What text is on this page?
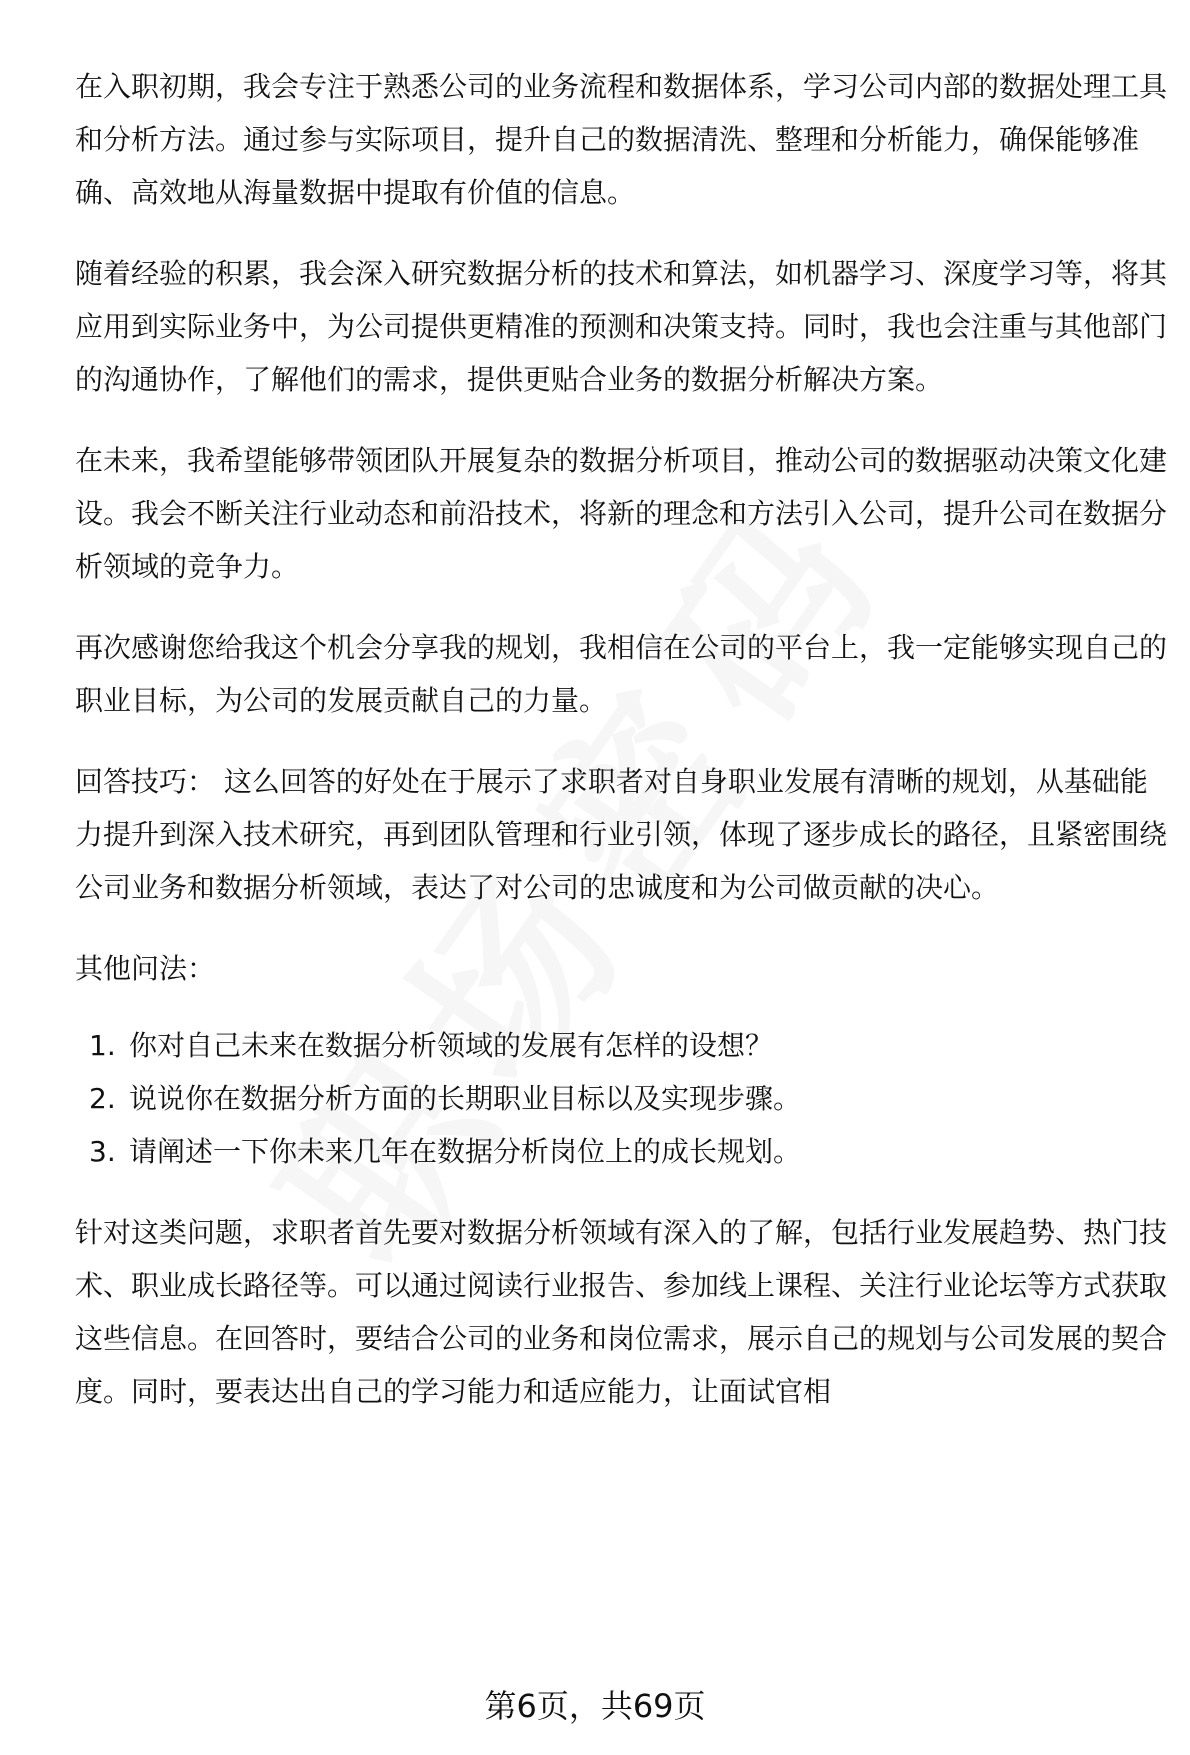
在入职初期，我会专注于熟悉公司的业务流程和数据体系，学习公司内部的数据处理工具和分析方法。通过参与实际项目，提升自己的数据清洗、整理和分析能力，确保能够准确、高效地从海量数据中提取有价值的信息。

随着经验的积累，我会深入研究数据分析的技术和算法，如机器学习、深度学习等，将其应用到实际业务中，为公司提供更精准的预测和决策支持。同时，我也会注重与其他部门的沟通协作，了解他们的需求，提供更贴合业务的数据分析解决方案。

在未来，我希望能够带领团队开展复杂的数据分析项目，推动公司的数据驱动决策文化建设。我会不断关注行业动态和前沿技术，将新的理念和方法引入公司，提升公司在数据分析领域的竞争力。

再次感谢您给我这个机会分享我的规划，我相信在公司的平台上，我一定能够实现自己的职业目标，为公司的发展贡献自己的力量。

回答技巧： 这么回答的好处在于展示了求职者对自身职业发展有清晰的规划，从基础能力提升到深入技术研究，再到团队管理和行业引领，体现了逐步成长的路径，且紧密围绕公司业务和数据分析领域，表达了对公司的忠诚度和为公司做贡献的决心。

其他问法：

1. 你对自己未来在数据分析领域的发展有怎样的设想？
2. 说说你在数据分析方面的长期职业目标以及实现步骤。
3. 请阐述一下你未来几年在数据分析岗位上的成长规划。

针对这类问题，求职者首先要对数据分析领域有深入的了解，包括行业发展趋势、热门技术、职业成长路径等。可以通过阅读行业报告、参加线上课程、关注行业论坛等方式获取这些信息。在回答时，要结合公司的业务和岗位需求，展示自己的规划与公司发展的契合度。同时，要表达出自己的学习能力和适应能力，让面试官相

第6页，共69页
